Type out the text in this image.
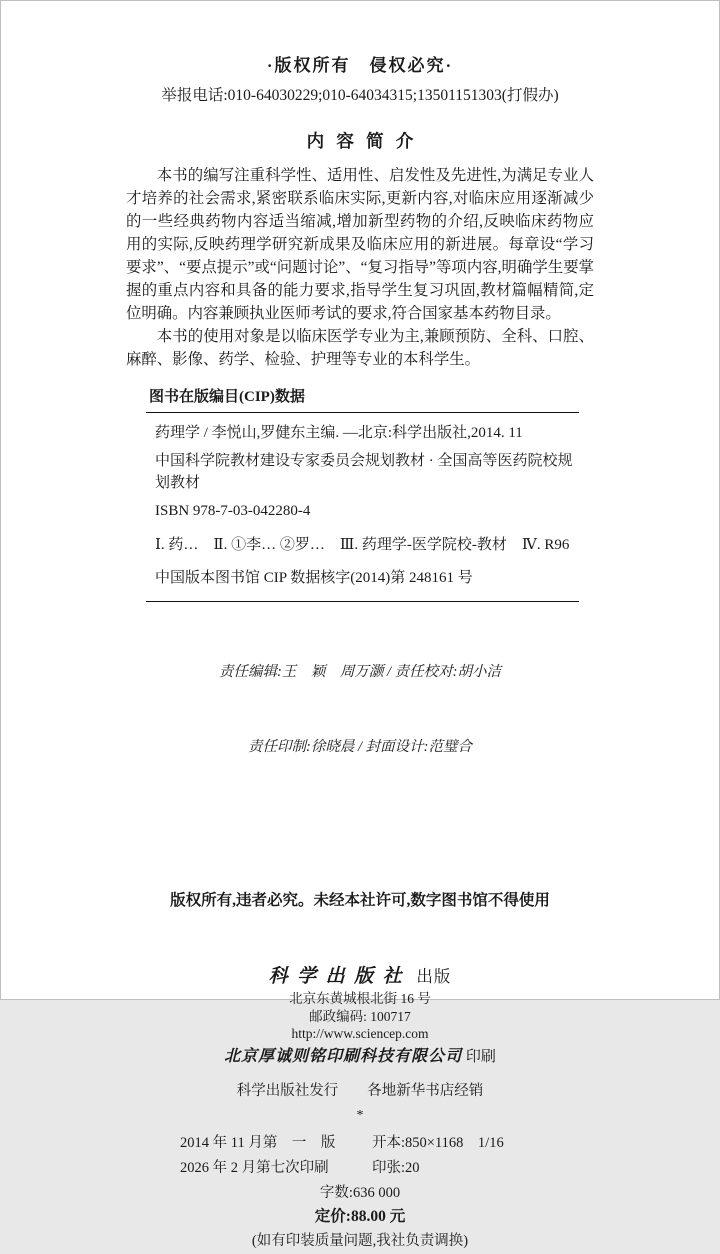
·版权所有　侵权必究·
举报电话:010-64030229;010-64034315;13501151303(打假办)
内容简介

本书的编写注重科学性、适用性、启发性及先进性,为满足专业人才培养的社会需求,紧密联系临床实际,更新内容,对临床应用逐渐减少的一些经典药物内容适当缩减,增加新型药物的介绍,反映临床药物应用的实际,反映药理学研究新成果及临床应用的新进展。每章设“学习要求”、“要点提示”或“问题讨论”、“复习指导”等项内容,明确学生要掌握的重点内容和具备的能力要求,指导学生复习巩固,教材篇幅精简,定位明确。内容兼顾执业医师考试的要求,符合国家基本药物目录。

本书的使用对象是以临床医学专业为主,兼顾预防、全科、口腔、麻醉、影像、药学、检验、护理等专业的本科学生。

图书在版编目(CIP)数据
药理学 / 李悦山,罗健东主编. —北京:科学出版社,2014. 11
中国科学院教材建设专家委员会规划教材 · 全国高等医药院校规划教材
ISBN 978-7-03-042280-4
Ⅰ. 药…　Ⅱ. ①李… ②罗…　Ⅲ. 药理学-医学院校-教材　Ⅳ. R96
中国版本图书馆 CIP 数据核字(2014)第 248161 号

责任编辑:王　颖　周万灏 / 责任校对:胡小洁

责任印制:徐晓晨 / 封面设计:范璧合

版权所有,违者必究。未经本社许可,数字图书馆不得使用
科学出版社 出版
北京东黄城根北街 16 号
邮政编码: 100717
http://www.sciencep.com
北京厚诚则铭印刷科技有限公司 印刷
科学出版社发行　　各地新华书店经销
*
2014 年 11 月第　一　版	开本:850×1168　1/16
2026 年 2 月第七次印刷	印张:20
字数:636 000
定价:88.00 元
(如有印装质量问题,我社负责调换)
